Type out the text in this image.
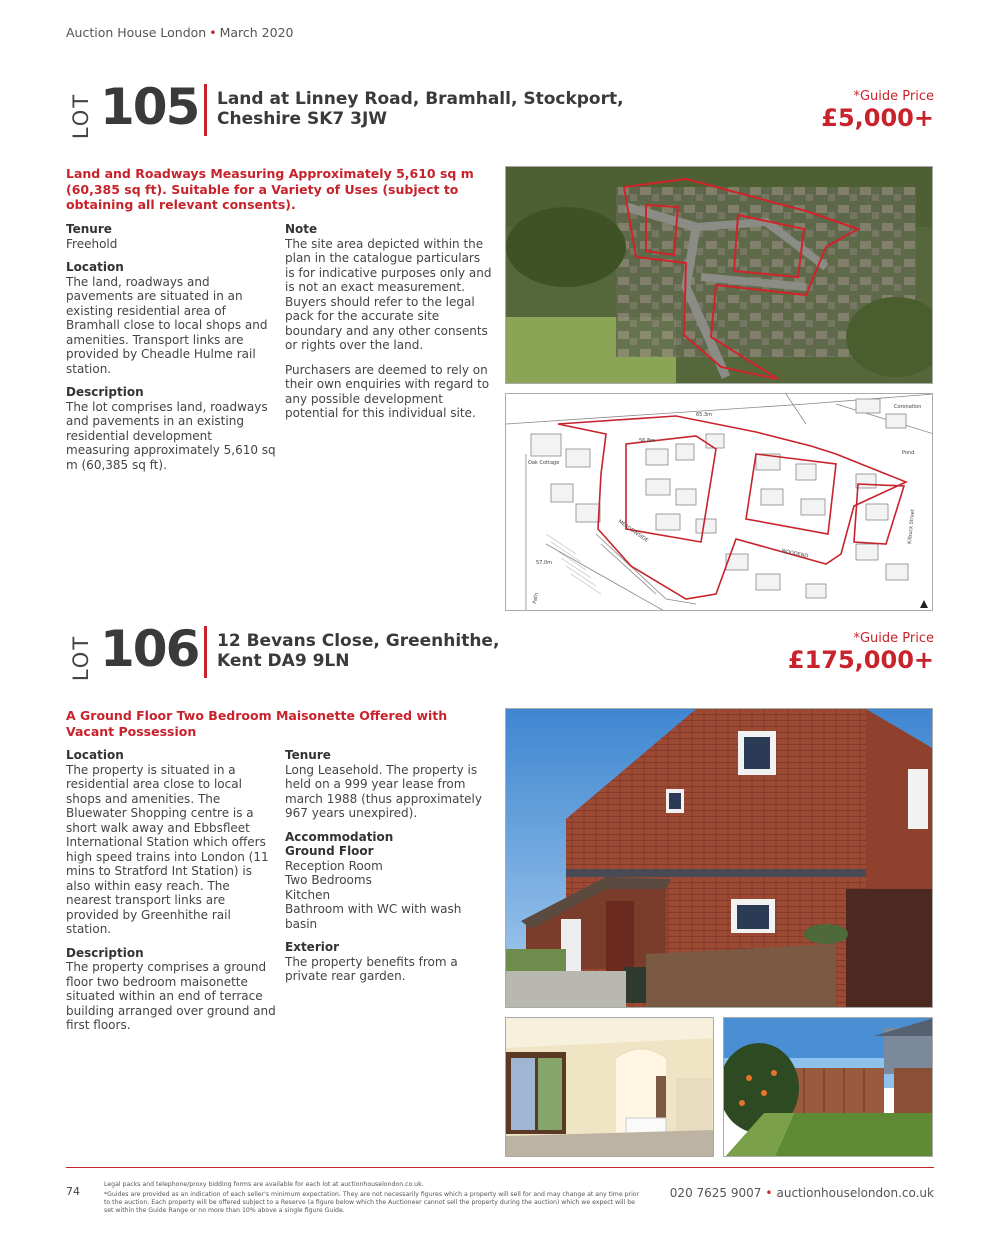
Auction House London • March 2020
LOT 105 Land at Linney Road, Bramhall, Stockport,
Cheshire SK7 3JW
*Guide Price
£5,000+
Land and Roadways Measuring Approximately 5,610 sq m (60,385 sq ft). Suitable for a Variety of Uses (subject to obtaining all relevant consents).
Tenure

Freehold

Location

The land, roadways and pavements are situated in an existing residential area of Bramhall close to local shops and amenities. Transport links are provided by Cheadle Hulme rail station.

Description

The lot comprises land, roadways and pavements in an existing residential development measuring approximately 5,610 sq m (60,385 sq ft).

Note

The site area depicted within the plan in the catalogue particulars is for indicative purposes only and is not an exact measurement. Buyers should refer to the legal pack for the accurate site boundary and any other consents or rights over the land.

Purchasers are deemed to rely on their own enquiries with regard to any possible development potential for this individual site.	65.3m
56.8m
57.0m
MEADOWSIDE
WOODEND
Oak Cottage
Coronation
Pond
Path
Kilbuck Street
LOT 106 12 Bevans Close, Greenhithe,
Kent DA9 9LN
*Guide Price
£175,000+
A Ground Floor Two Bedroom Maisonette Offered with Vacant Possession
Location

The property is situated in a residential area close to local shops and amenities. The Bluewater Shopping centre is a short walk away and Ebbsfleet International Station which offers high speed trains into London (11 mins to Stratford Int Station) is also within easy reach. The nearest transport links are provided by Greenhithe rail station.

Description

The property comprises a ground floor two bedroom maisonette situated within an end of terrace building arranged over ground and first floors.

Tenure

Long Leasehold. The property is held on a 999 year lease from march 1988 (thus approximately 967 years unexpired).

Accommodation
Ground Floor

Reception Room

Two Bedrooms

Kitchen

Bathroom with WC with wash basin

Exterior

The property benefits from a private rear garden.

74

Legal packs and telephone/proxy bidding forms are available for each lot at auctionhouselondon.co.uk.

*Guides are provided as an indication of each seller's minimum expectation. They are not necessarily figures which a property will sell for and may change at any time prior to the auction. Each property will be offered subject to a Reserve (a figure below which the Auctioneer cannot sell the property during the auction) which we expect will be set within the Guide Range or no more than 10% above a single figure Guide.

020 7625 9007 • auctionhouselondon.co.uk
